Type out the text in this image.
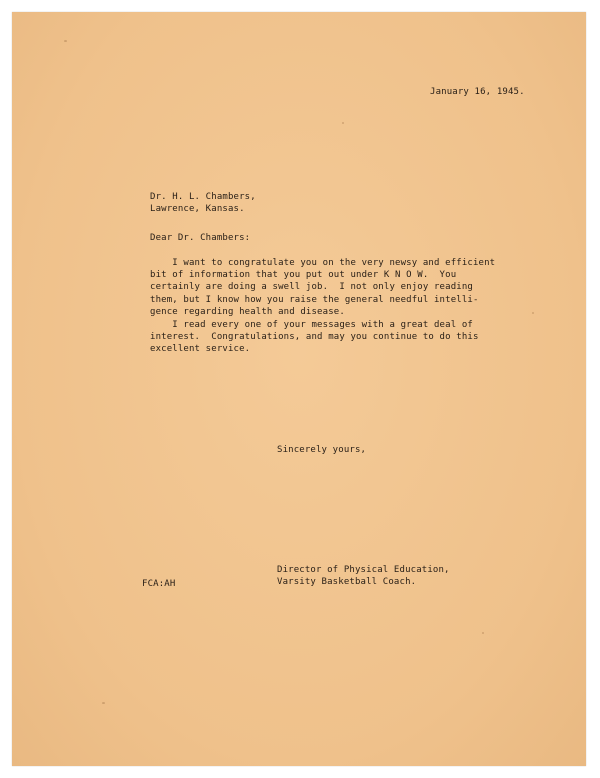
January 16, 1945.
Dr. H. L. Chambers,
Lawrence, Kansas.
Dear Dr. Chambers:
I want to congratulate you on the very newsy and efficient
bit of information that you put out under K N O W.  You
certainly are doing a swell job.  I not only enjoy reading
them, but I know how you raise the general needful intelli-
gence regarding health and disease.
I read every one of your messages with a great deal of
interest.  Congratulations, and may you continue to do this
excellent service.
Sincerely yours,
Director of Physical Education,
Varsity Basketball Coach.
FCA:AH
